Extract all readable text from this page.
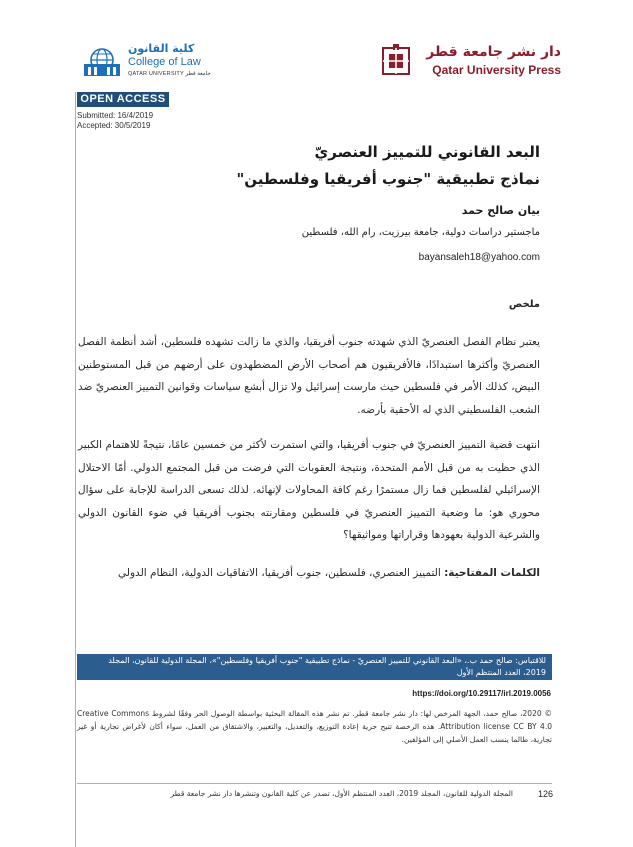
دار نشر جامعة قطر
Qatar University Press
كلية القانون
College of Law
QATAR UNIVERSITY جامعة قطر
OPEN ACCESS
Submitted: 16/4/2019
Accepted: 30/5/2019
البعد القانوني للتمييز العنصريّ
نماذج تطبيقية "جنوب أفريقيا وفلسطين"
بيان صالح حمد
ماجستير دراسات دولية، جامعة بيرزيت، رام الله، فلسطين
bayansaleh18@yahoo.com
ملخص

يعتبر نظام الفصل العنصريّ الذي شهدته جنوب أفريقيا، والذي ما زالت تشهده فلسطين، أشد أنظمة الفصل العنصريّ وأكثرها استبدادًا، فالأفريقيون هم أصحاب الأرض المضطهدون على أرضهم من قبل المستوطنين البيض، كذلك الأمر في فلسطين حيث مارست إسرائيل ولا تزال أبشع سياسات وقوانين التمييز العنصريّ ضد الشعب الفلسطيني الذي له الأحقية بأرضه.

انتهت قضية التمييز العنصريّ في جنوب أفريقيا، والتي استمرت لأكثر من خمسين عامًا، نتيجةً للاهتمام الكبير الذي حظيت به من قبل الأمم المتحدة، ونتيجة العقوبات التي فرضت من قبل المجتمع الدولي. أمّا الاحتلال الإسرائيلي لفلسطين فما زال مستمرًا رغم كافة المحاولات لإنهائه. لذلك تسعى الدراسة للإجابة على سؤال محوري هو: ما وضعية التمييز العنصريّ في فلسطين ومقارنته بجنوب أفريقيا في ضوء القانون الدولي والشرعية الدولية بعهودها وقراراتها ومواثيقها؟

الكلمات المفتاحية: التمييز العنصري، فلسطين، جنوب أفريقيا، الاتفاقيات الدولية، النظام الدولي
للاقتباس: صالح حمد ب.، «البعد القانوني للتمييز العنصريّ - نماذج تطبيقية "جنوب أفريقيا وفلسطين"»، المجلة الدولية للقانون، المجلد 2019، العدد المنتظم الأول
https://doi.org/10.29117/irl.2019.0056

© 2020، صالح حمد، الجهة المرخص لها: دار نشر جامعة قطر. تم نشر هذه المقالة البحثية بواسطة الوصول الحر وفقًا لشروط Creative Commons Attribution license CC BY 4.0. هذه الرخصة تتيح حرية إعادة التوزيع، والتعديل، والتغيير، والاشتقاق من العمل، سواء أكان لأغراض تجارية أو غير تجارية، طالما ينسب العمل الأصلي إلى المؤلفين.

126
المجلة الدولية للقانون، المجلد 2019، العدد المنتظم الأول، تصدر عن كلية القانون وتنشرها دار نشر جامعة قطر
